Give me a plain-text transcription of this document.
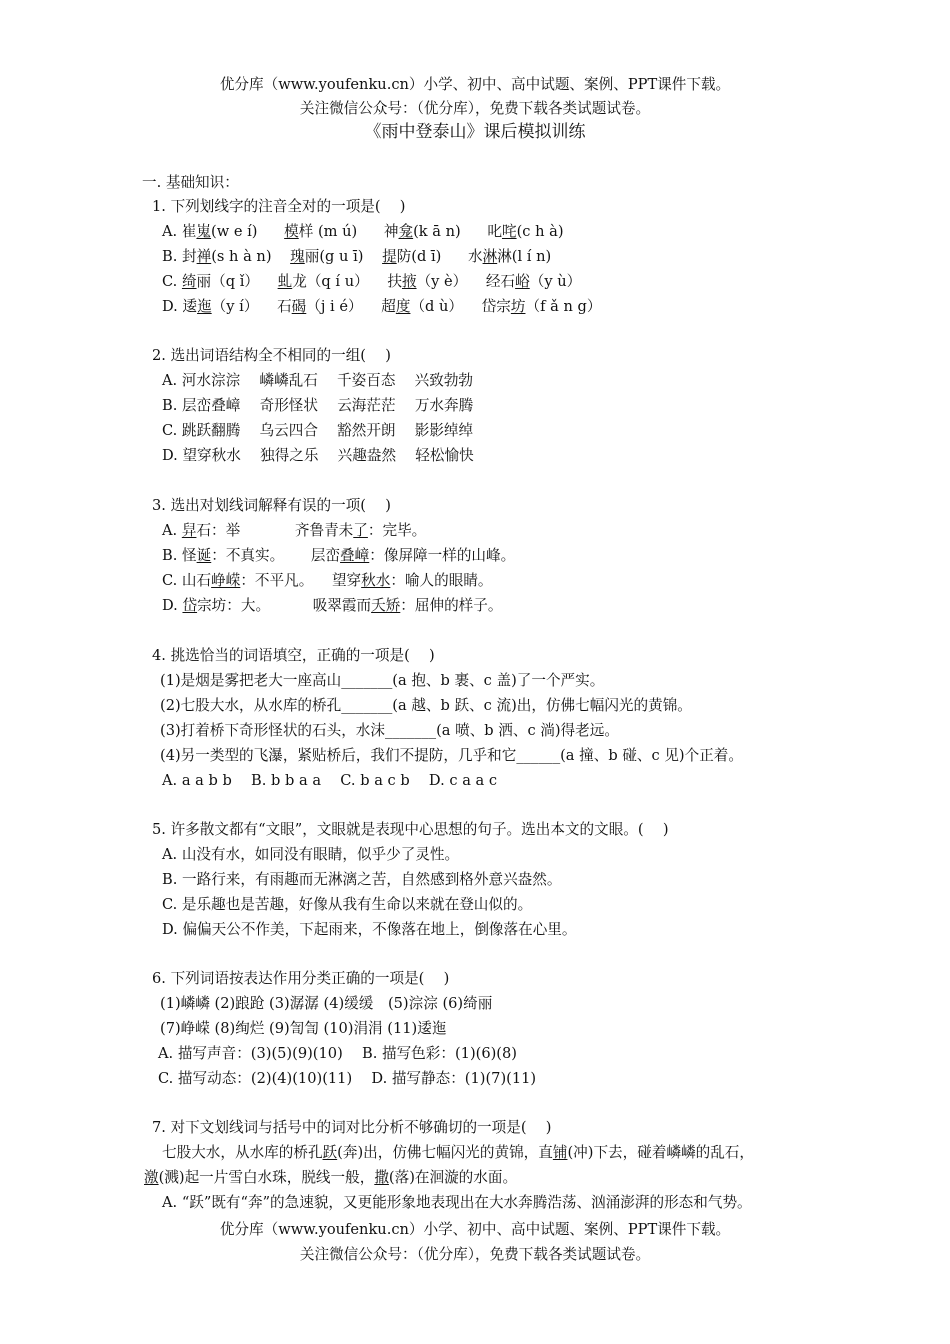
优分库（www.youfenku.cn）小学、初中、高中试题、案例、PPT课件下载。
关注微信公众号：（优分库），免费下载各类试题试卷。
《雨中登泰山》课后模拟训练
一. 基础知识：
1. 下列划线字的注音全对的一项是(　 )
A. 崔嵬(w e í) 模样 (m ú) 神龛(k ā n) 叱咤(c h à)
B. 封禅(s h à n) 瑰丽(g u ī) 提防(d ī) 水淋淋(l í n)
C. 绮丽（q ǐ） 虬龙（q í u） 扶掖（y è） 经石峪（y ù）
D. 逶迤（y í） 石碣（j i é） 超度（d ù） 岱宗坊（f ǎ n g）
2. 选出词语结构全不相同的一组(　 )
A. 河水淙淙　 嶙嶙乱石　 千姿百态　 兴致勃勃
B. 层峦叠嶂　 奇形怪状　 云海茫茫　 万水奔腾
C. 跳跃翻腾　 乌云四合　 豁然开朗　 影影绰绰
D. 望穿秋水　 独得之乐　 兴趣盎然　 轻松愉快
3. 选出对划线词解释有误的一项(　 )
A. 舁石：举	齐鲁青未了：完毕。
B. 怪诞：不真实。 层峦叠嶂：像屏障一样的山峰。
C. 山石峥嵘：不平凡。 望穿秋水：喻人的眼睛。
D. 岱宗坊：大。	吸翠霞而夭矫：屈伸的样子。
4. 挑选恰当的词语填空，正确的一项是(　 )
(1)是烟是雾把老大一座高山_______(a 抱、b 裹、c 盖)了一个严实。
(2)七股大水，从水库的桥孔_______(a 越、b 跃、c 流)出，仿佛七幅闪光的黄锦。
(3)打着桥下奇形怪状的石头，水沫_______(a 喷、b 洒、c 淌)得老远。
(4)另一类型的飞瀑，紧贴桥后，我们不提防，几乎和它______(a 撞、b 碰、c 见)个正着。
A. a a b b　 B. b b a a　 C. b a c b　 D. c a a c
5. 许多散文都有“文眼”，文眼就是表现中心思想的句子。选出本文的文眼。(　 )
A. 山没有水，如同没有眼睛，似乎少了灵性。
B. 一路行来，有雨趣而无淋漓之苦，自然感到格外意兴盎然。
C. 是乐趣也是苦趣，好像从我有生命以来就在登山似的。
D. 偏偏天公不作美，下起雨来，不像落在地上，倒像落在心里。
6. 下列词语按表达作用分类正确的一项是(　 )
(1)嶙嶙 (2)踉跄 (3)潺潺 (4)缓缓　(5)淙淙 (6)绮丽
(7)峥嵘 (8)绚烂 (9)訇訇 (10)涓涓 (11)逶迤
A. 描写声音：(3)(5)(9)(10)　 B. 描写色彩：(1)(6)(8)
C. 描写动态：(2)(4)(10)(11)　 D. 描写静态：(1)(7)(11)
7. 对下文划线词与括号中的词对比分析不够确切的一项是(　 )
七股大水，从水库的桥孔跃(奔)出，仿佛七幅闪光的黄锦，直铺(冲)下去，碰着嶙嶙的乱石，
激(溅)起一片雪白水珠，脱线一般，撒(落)在洄漩的水面。
A. “跃”既有“奔”的急速貌，又更能形象地表现出在大水奔腾浩荡、汹涌澎湃的形态和气势。
优分库（www.youfenku.cn）小学、初中、高中试题、案例、PPT课件下载。
关注微信公众号：（优分库），免费下载各类试题试卷。
